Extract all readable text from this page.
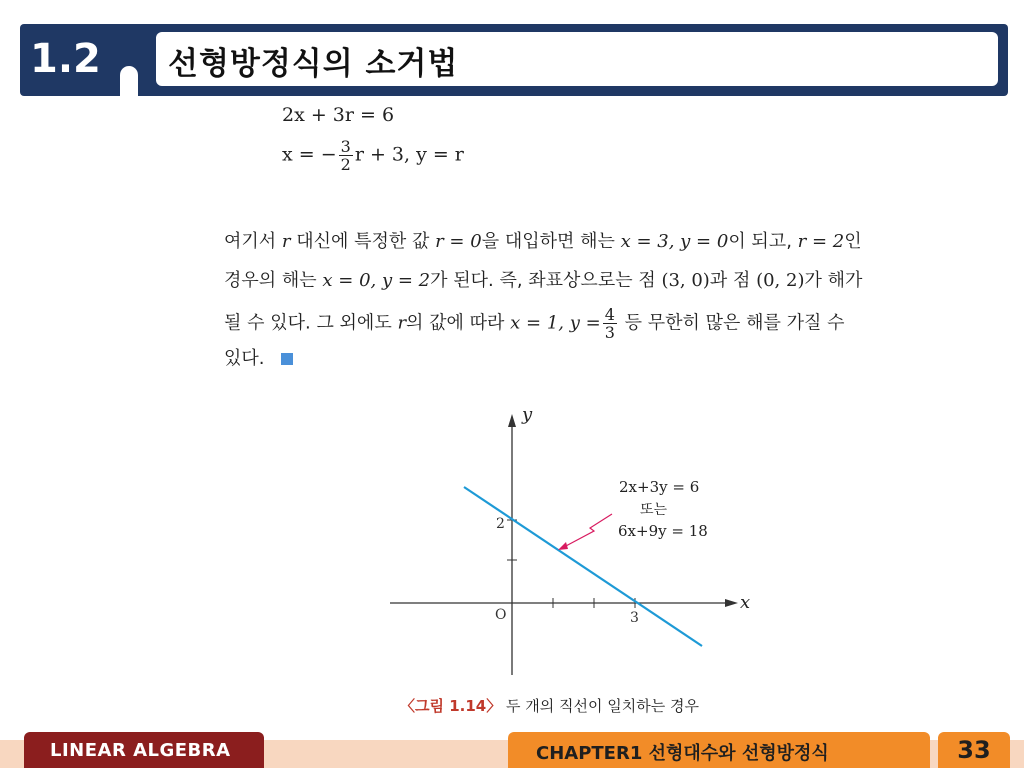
1.2 선형방정식의 소거법
2x + 3r = 6
x = − $\frac{3}{2}$ r + 3, y = r
여기서 r 대신에 특정한 값 r = 0을 대입하면 해는 x = 3, y = 0이 되고, r = 2인
경우의 해는 x = 0, y = 2가 된다. 즉, 좌표상으로는 점 (3, 0)과 점 (0, 2)가 해가
될 수 있다. 그 외에도 r의 값에 따라 x = 1, $y = \frac{4}{3}$ 등 무한히 많은 해를 가질 수
있다.
y
x
O
2
3
2x+3y = 6
또는
6x+9y = 18
〈그림 1.14〉 두 개의 직선이 일치하는 경우
LINEAR ALGEBRA	CHAPTER1 선형대수와 선형방정식	33
